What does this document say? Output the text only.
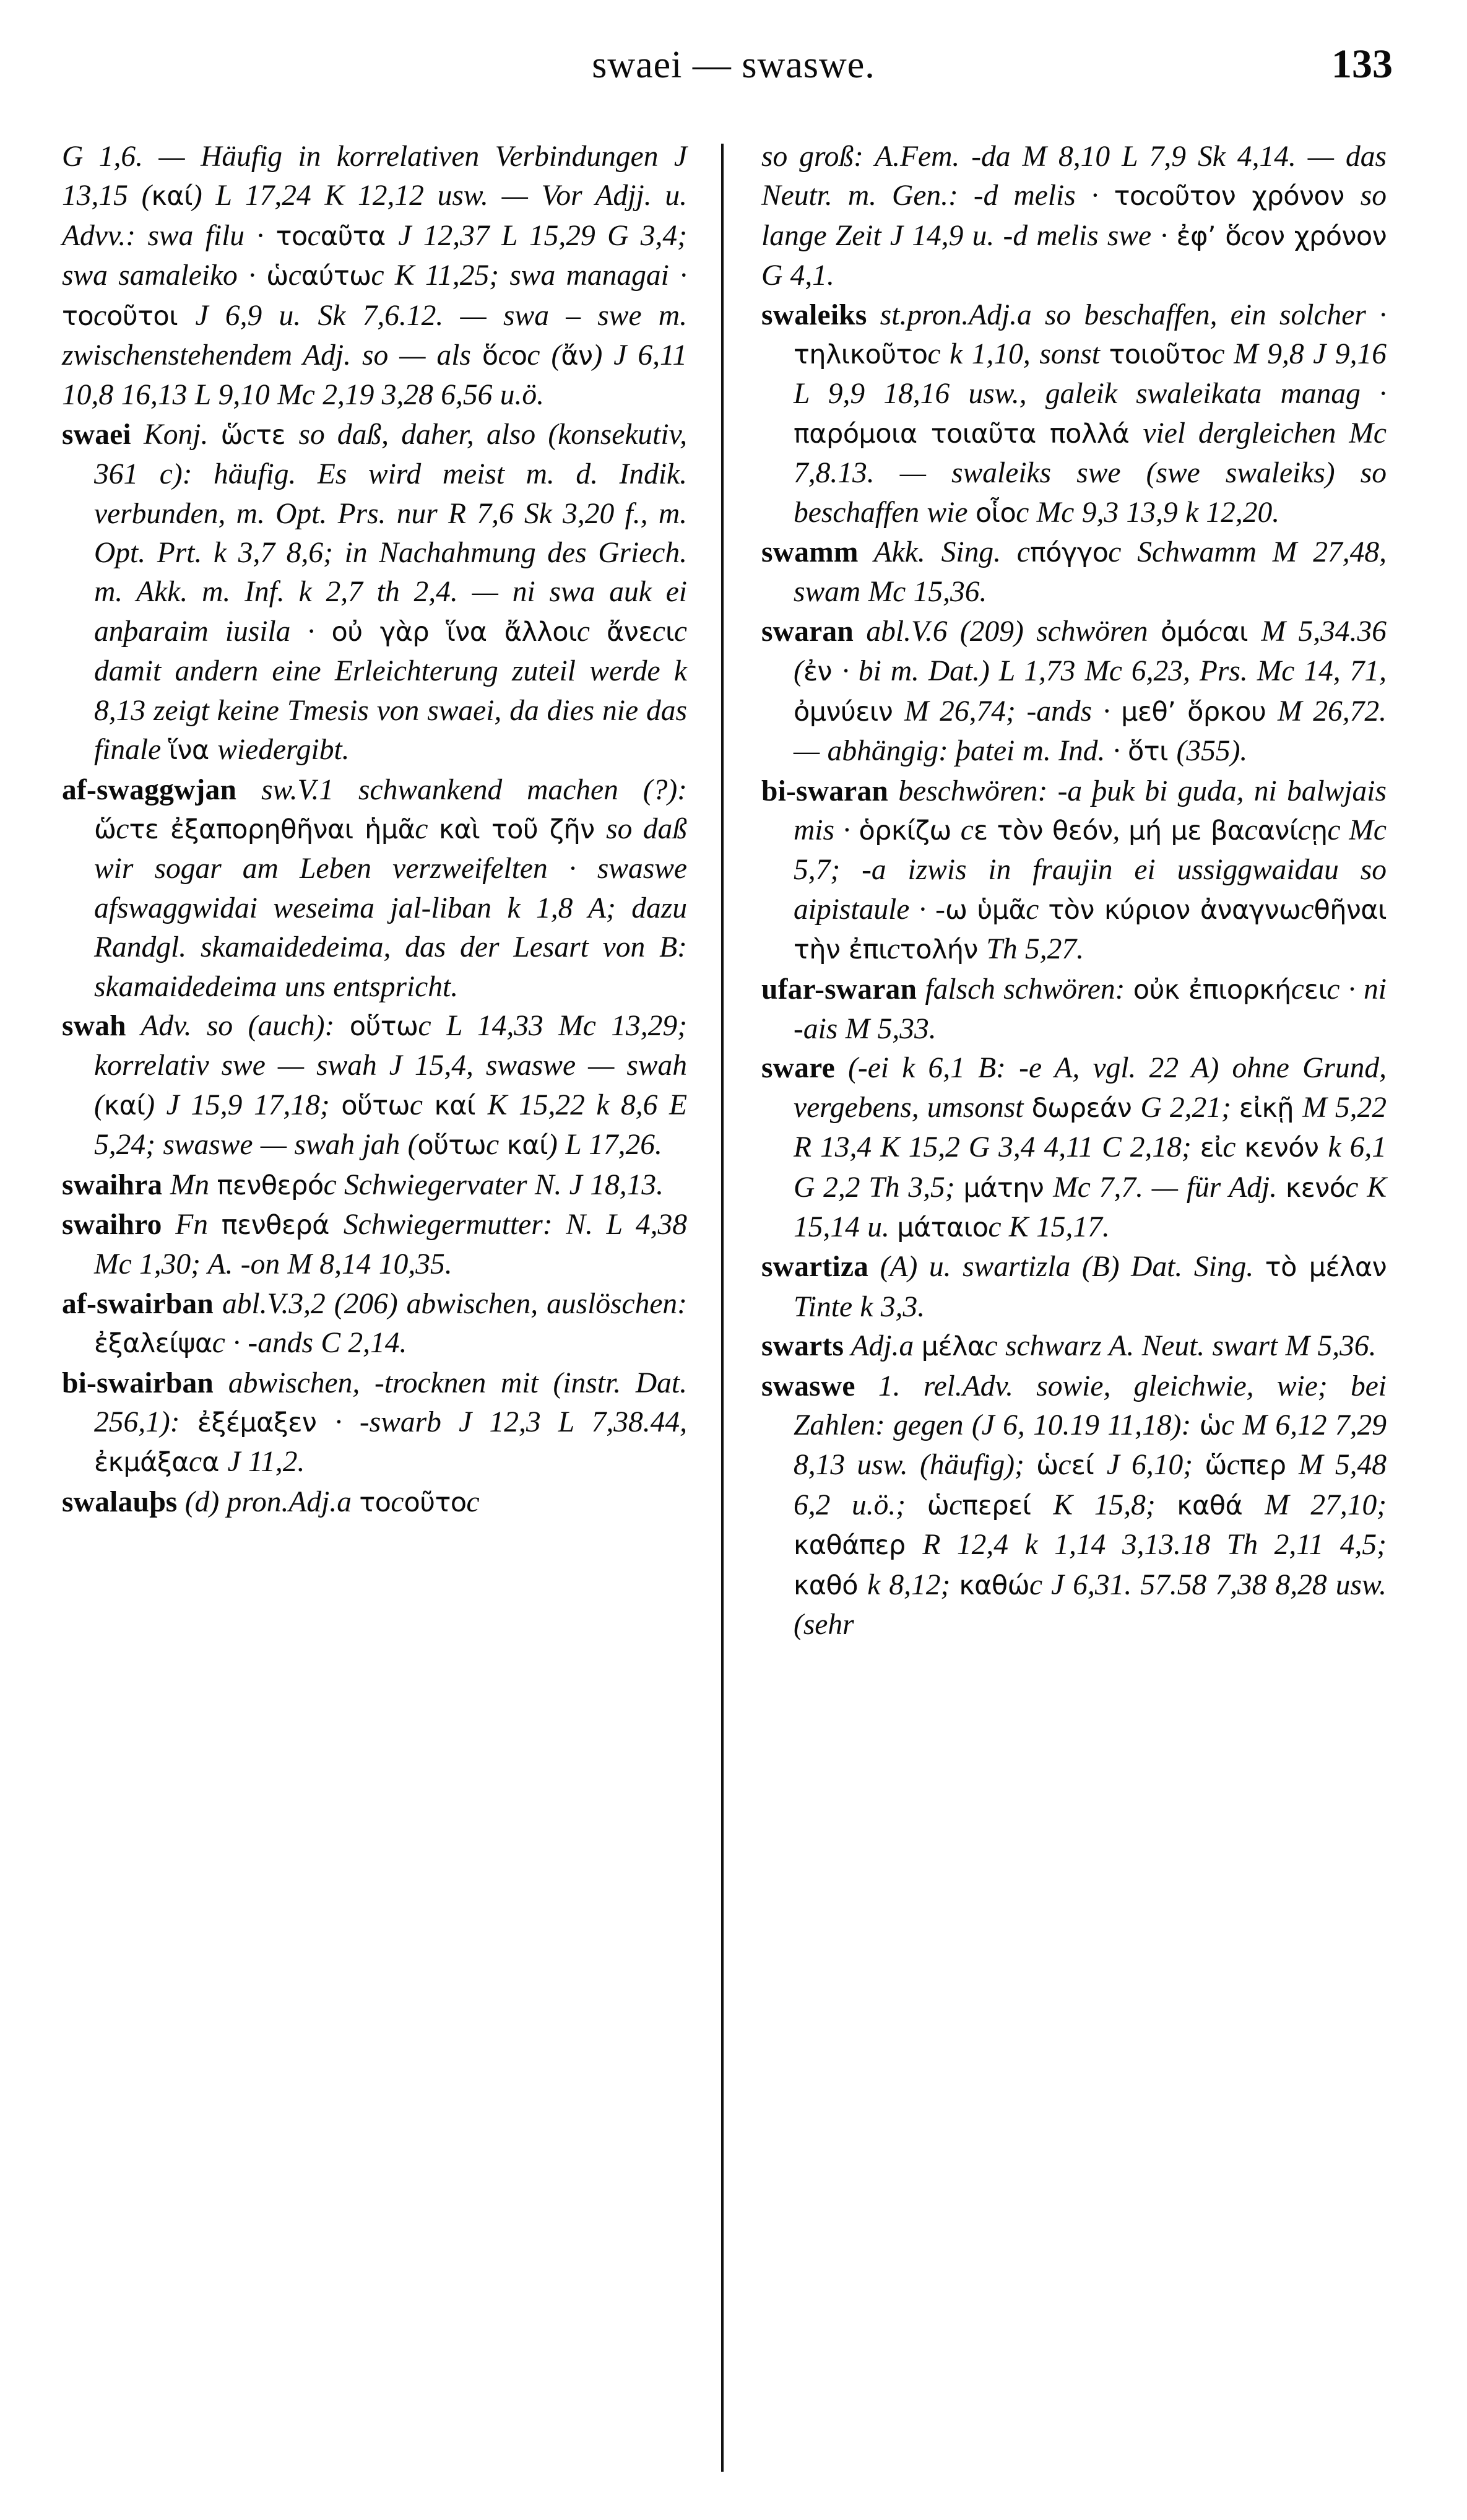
swaei — swaswe.	133

G 1,6. — Häufig in korrelativen Verbindungen J 13,15 (καί) L 17,24 K 12,12 usw. — Vor Adjj. u. Advv.: swa filu · τοcαῦτα J 12,37 L 15,29 G 3,4; swa samaleiko · ὡcαύτωc K 11,25; swa managai · τοcοῦτοι J 6,9 u. Sk 7,6.12. — swa – swe m. zwischenstehendem Adj. so — als ὅcοc (ἄν) J 6,11 10,8 16,13 L 9,10 Mc 2,19 3,28 6,56 u.ö.

swaei Konj. ὥcτε so daß, daher, also (konsekutiv, 361 c): häufig. Es wird meist m. d. Indik. verbunden, m. Opt. Prs. nur R 7,6 Sk 3,20 f., m. Opt. Prt. k 3,7 8,6; in Nachahmung des Griech. m. Akk. m. Inf. k 2,7 th 2,4. — ni swa auk ei anþaraim iusila · οὐ γὰρ ἵνα ἄλλοιc ἄνεcιc damit andern eine Erleichterung zuteil werde k 8,13 zeigt keine Tmesis von swaei, da dies nie das finale ἵνα wiedergibt.

af-swaggwjan sw.V.1 schwankend machen (?): ὥcτε ἐξαπορηθῆναι ἡμᾶc καὶ τοῦ ζῆν so daß wir sogar am Leben verzweifelten · swaswe afswaggwidai weseima jal-liban k 1,8 A; dazu Randgl. skamaidedeima, das der Lesart von B: skamaidedeima uns entspricht.

swah Adv. so (auch): οὕτωc L 14,33 Mc 13,29; korrelativ swe — swah J 15,4, swaswe — swah (καί) J 15,9 17,18; οὕτωc καί K 15,22 k 8,6 E 5,24; swaswe — swah jah (οὕτωc καί) L 17,26.

swaihra Mn πενθερόc Schwiegervater N. J 18,13.

swaihro Fn πενθερά Schwiegermutter: N. L 4,38 Mc 1,30; A. -on M 8,14 10,35.

af-swairban abl.V.3,2 (206) abwischen, auslöschen: ἐξαλείψαc · -ands C 2,14.

bi-swairban abwischen, -trocknen mit (instr. Dat. 256,1): ἐξέμαξεν · -swarb J 12,3 L 7,38.44, ἐκμάξαcα J 11,2.

swalauþs (d) pron.Adj.a τοcοῦτοc

so groß: A.Fem. -da M 8,10 L 7,9 Sk 4,14. — das Neutr. m. Gen.: -d melis · τοcοῦτον χρόνον so lange Zeit J 14,9 u. -d melis swe · ἐφ’ ὅcον χρόνον G 4,1.

swaleiks st.pron.Adj.a so beschaffen, ein solcher · τηλικοῦτοc k 1,10, sonst τοιοῦτοc M 9,8 J 9,16 L 9,9 18,16 usw., galeik swaleikata manag · παρόμοια τοιαῦτα πολλά viel dergleichen Mc 7,8.13. — swaleiks swe (swe swaleiks) so beschaffen wie οἷοc Mc 9,3 13,9 k 12,20.

swamm Akk. Sing. cπόγγοc Schwamm M 27,48, swam Mc 15,36.

swaran abl.V.6 (209) schwören ὀμόcαι M 5,34.36 (ἐν · bi m. Dat.) L 1,73 Mc 6,23, Prs. Mc 14, 71, ὀμνύειν M 26,74; -ands · μεθ’ ὅρκου M 26,72. — abhängig: þatei m. Ind. · ὅτι (355).

bi-swaran beschwören: -a þuk bi guda, ni balwjais mis · ὁρκίζω cε τὸν θεόν, μή με βαcανίcῃc Mc 5,7; -a izwis in fraujin ei ussiggwaidau so aipistaule · -ω ὑμᾶc τὸν κύριον ἀναγνωcθῆναι τὴν ἐπιcτολήν Th 5,27.

ufar-swaran falsch schwören: οὐκ ἐπιορκήcειc · ni -ais M 5,33.

sware (-ei k 6,1 B: -e A, vgl. 22 A) ohne Grund, vergebens, umsonst δωρεάν G 2,21; εἰκῇ M 5,22 R 13,4 K 15,2 G 3,4 4,11 C 2,18; εἰc κενόν k 6,1 G 2,2 Th 3,5; μάτην Mc 7,7. — für Adj. κενόc K 15,14 u. μάταιοc K 15,17.

swartiza (A) u. swartizla (B) Dat. Sing. τὸ μέλαν Tinte k 3,3.

swarts Adj.a μέλαc schwarz A. Neut. swart M 5,36.

swaswe 1. rel.Adv. sowie, gleichwie, wie; bei Zahlen: gegen (J 6, 10.19 11,18): ὡc M 6,12 7,29 8,13 usw. (häufig); ὡcεί J 6,10; ὥcπερ M 5,48 6,2 u.ö.; ὡcπερεί K 15,8; καθά M 27,10; καθάπερ R 12,4 k 1,14 3,13.18 Th 2,11 4,5; καθό k 8,12; καθώc J 6,31. 57.58 7,38 8,28 usw. (sehr
